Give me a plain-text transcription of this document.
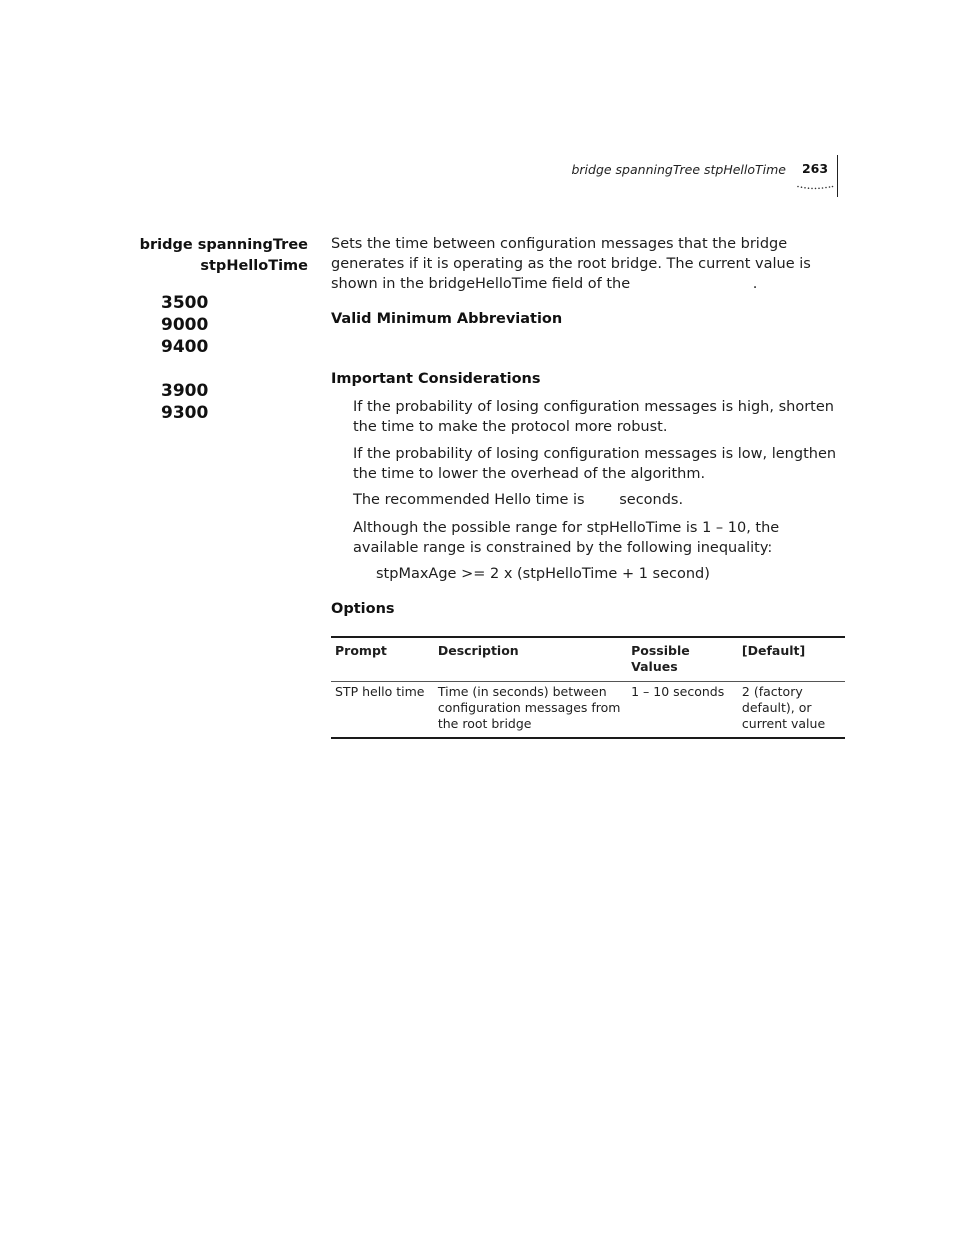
bridge spanningTree stpHelloTime	263
bridge spanningTree
stpHelloTime
3500
9000
9400
3900
9300
Sets the time between configuration messages that the bridge generates if it is operating as the root bridge. The current value is shown in the bridgeHelloTime field of the	.
Valid Minimum Abbreviation
Important Considerations
If the probability of losing configuration messages is high, shorten the time to make the protocol more robust.
If the probability of losing configuration messages is low, lengthen the time to lower the overhead of the algorithm.
The recommended Hello time is seconds.
Although the possible range for stpHelloTime is 1 – 10, the available range is constrained by the following inequality:
stpMaxAge >= 2 x (stpHelloTime + 1 second)
Options
Prompt	Description	Possible Values	[Default]
STP hello time	Time (in seconds) between configuration messages from the root bridge	1 – 10 seconds	2 (factory default), or current value
